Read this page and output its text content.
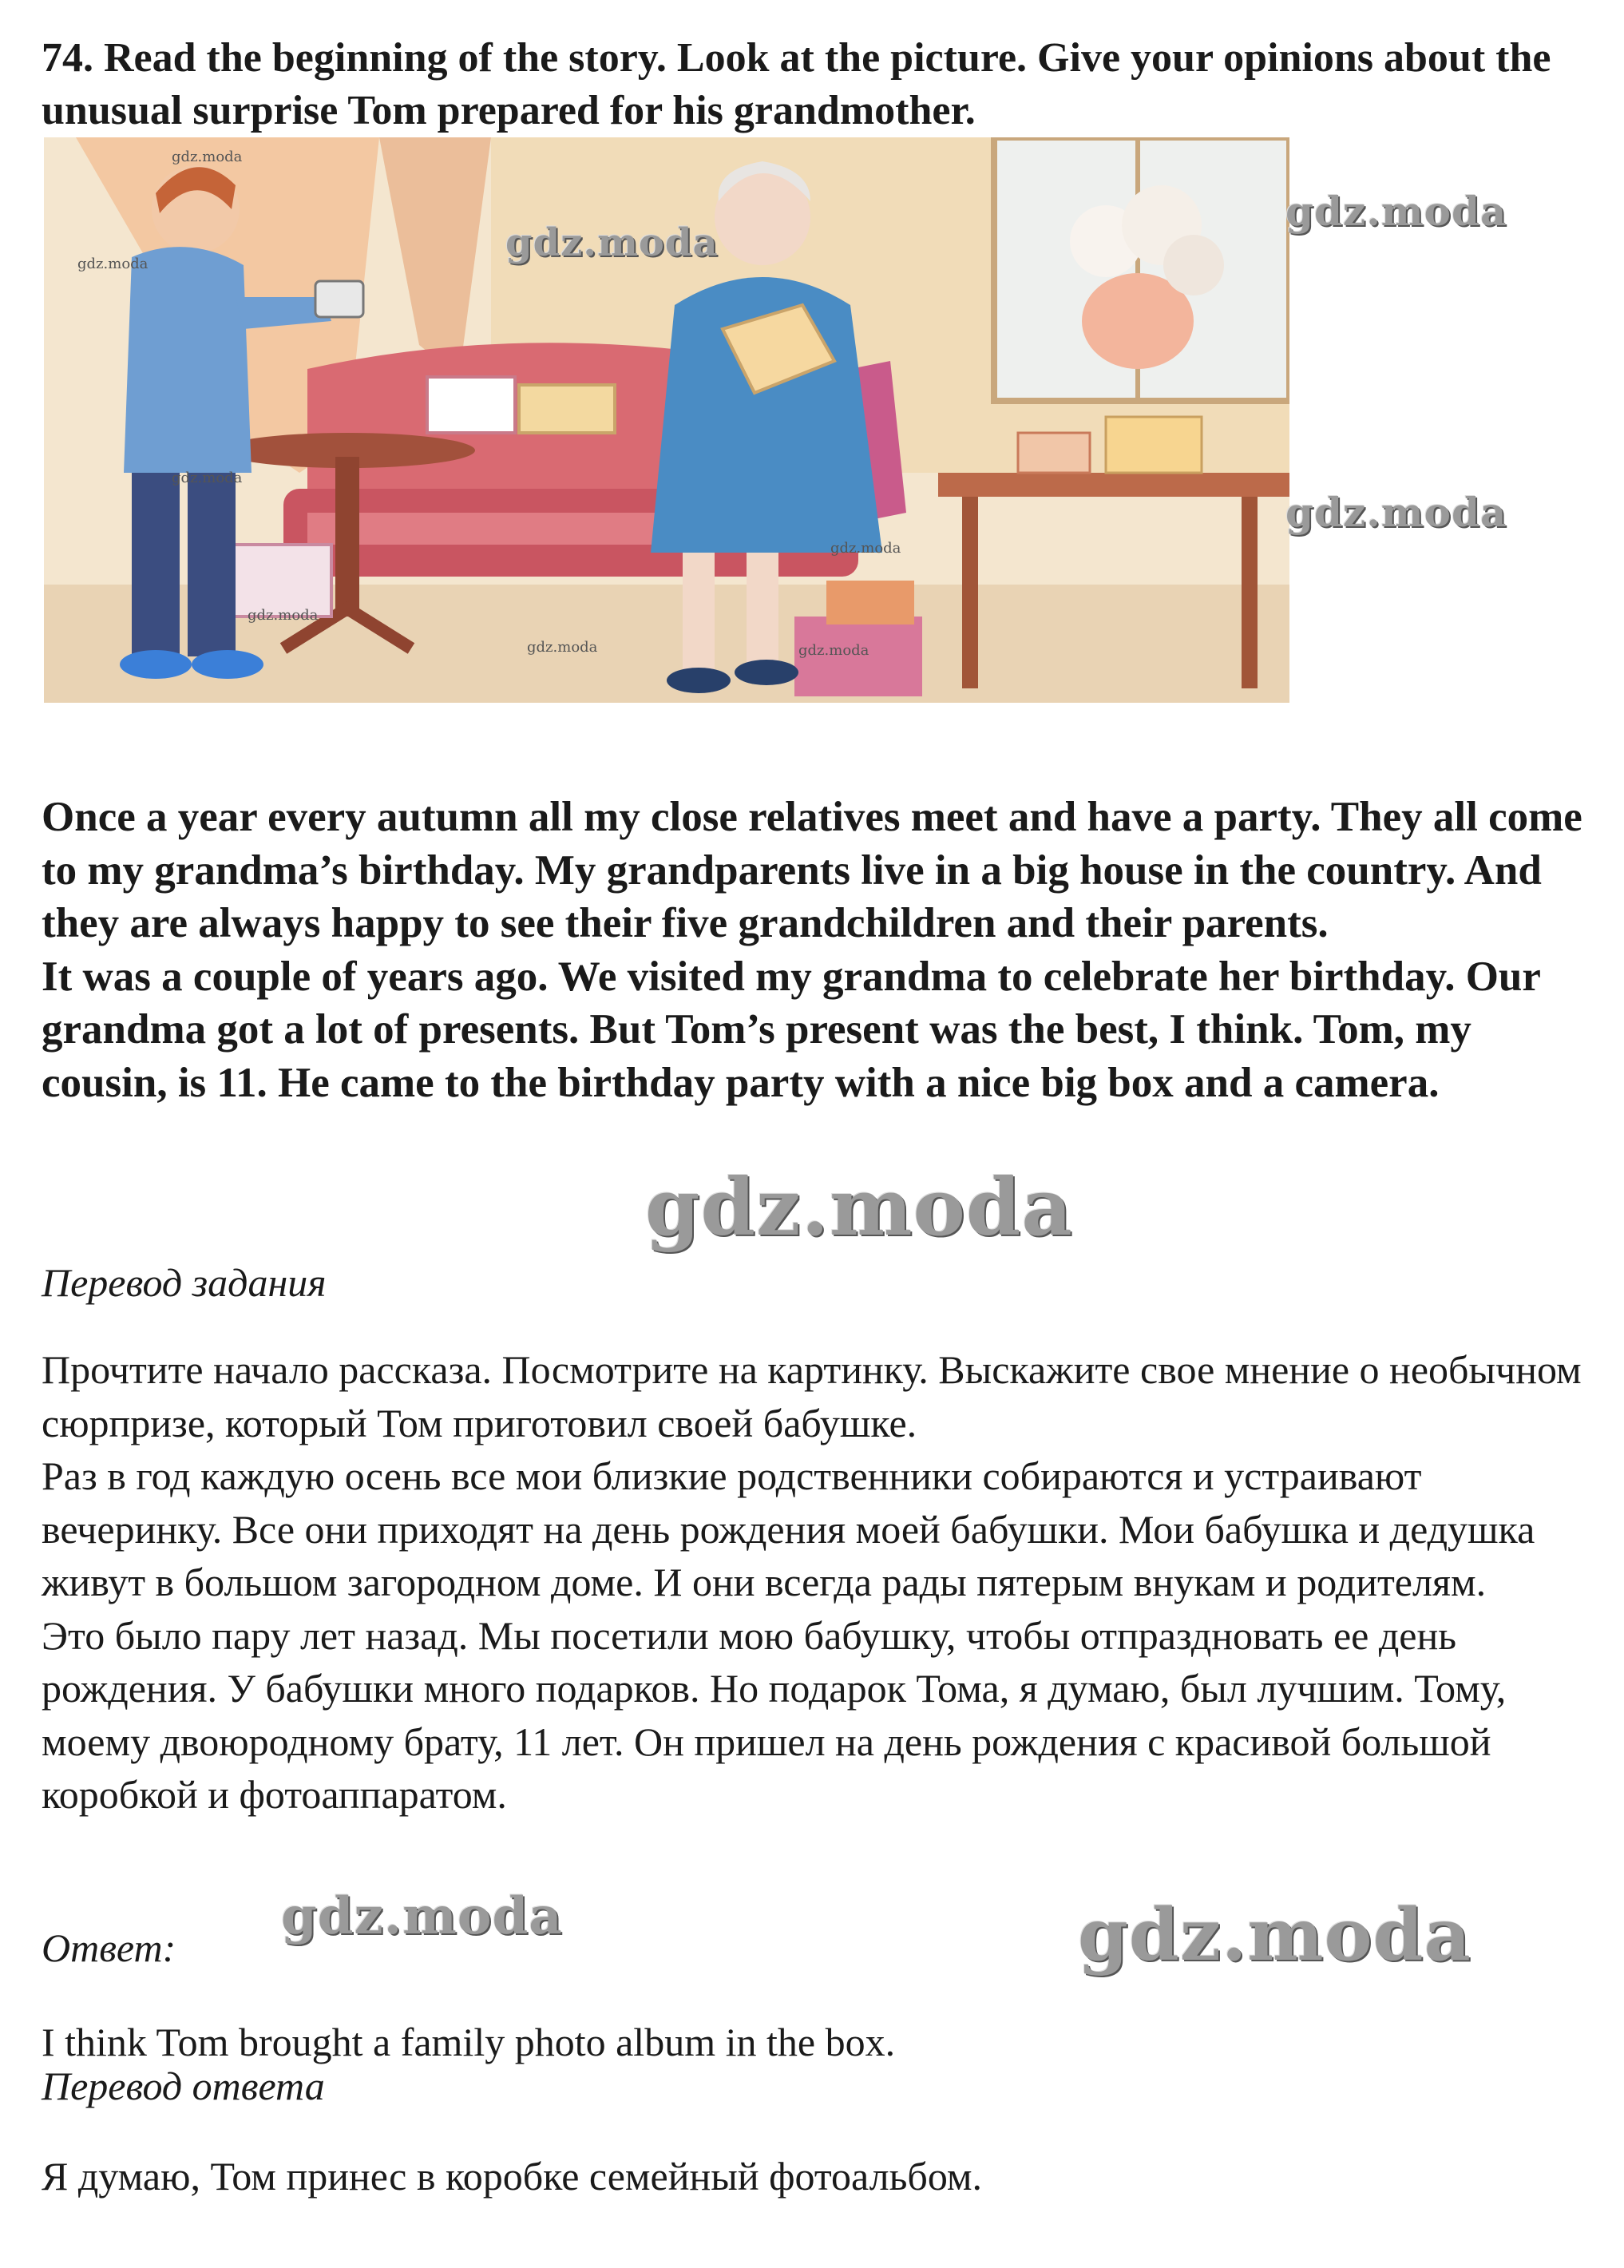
74. Read the beginning of the story. Look at the picture. Give your opinions about the unusual surprise Tom prepared for his grandmother.
gdz.moda
gdz.moda
gdz.moda
gdz.moda
gdz.moda
gdz.moda
gdz.moda
gdz.moda
gdz.moda
gdz.moda

Once a year every autumn all my close relatives meet and have a party. They all come to my grandma’s birthday. My grandparents live in a big house in the country. And they are always happy to see their five grandchildren and their parents.

It was a couple of years ago. We visited my grandma to celebrate her birthday. Our grandma got a lot of presents. But Tom’s present was the best, I think. Tom, my cousin, is 11. He came to the birthday party with a nice big box and a camera.

gdz.moda
Перевод задания

Прочтите начало рассказа. Посмотрите на картинку. Выскажите свое мнение о необычном сюрпризе, который Том приготовил своей бабушке.

Раз в год каждую осень все мои близкие родственники собираются и устраивают вечеринку. Все они приходят на день рождения моей бабушки. Мои бабушка и дедушка живут в большом загородном доме. И они всегда рады пятерым внукам и родителям.

Это было пару лет назад. Мы посетили мою бабушку, чтобы отпраздновать ее день рождения. У бабушки много подарков. Но подарок Тома, я думаю, был лучшим. Тому, моему двоюродному брату, 11 лет. Он пришел на день рождения с красивой большой коробкой и фотоаппаратом.

Ответ:
gdz.moda	gdz.moda
I think Tom brought a family photo album in the box.
Перевод ответа
Я думаю, Том принес в коробке семейный фотоальбом.
